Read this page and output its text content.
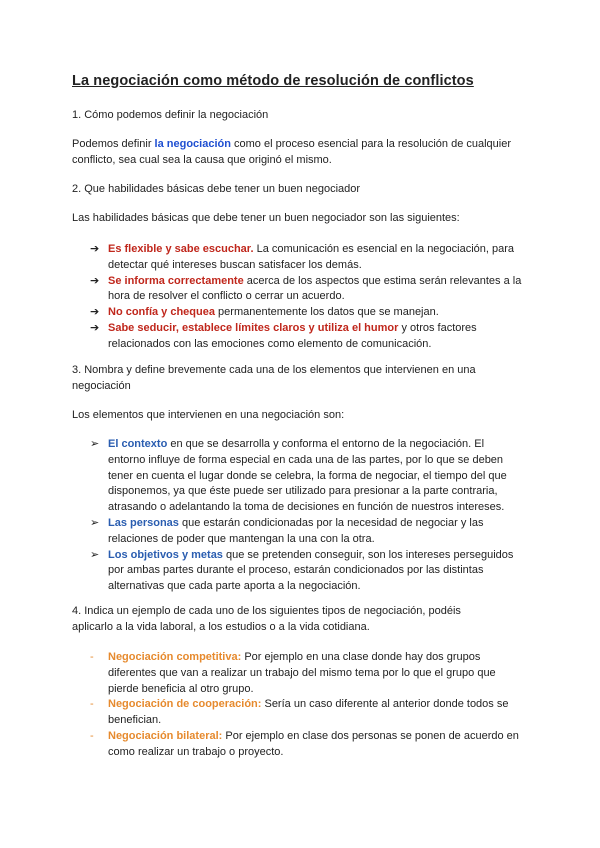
La negociación como método de resolución de conflictos
1. Cómo podemos definir la negociación
Podemos definir la negociación como el proceso esencial para la resolución de cualquier conflicto, sea cual sea la causa que originó el mismo.
2. Que habilidades básicas debe tener un buen negociador
Las habilidades básicas que debe tener un buen negociador son las siguientes:
➔ Es flexible y sabe escuchar. La comunicación es esencial en la negociación, para detectar qué intereses buscan satisfacer los demás.
➔ Se informa correctamente acerca de los aspectos que estima serán relevantes a la hora de resolver el conflicto o cerrar un acuerdo.
➔ No confía y chequea permanentemente los datos que se manejan.
➔ Sabe seducir, establece límites claros y utiliza el humor y otros factores relacionados con las emociones como elemento de comunicación.
3. Nombra y define brevemente cada una de los elementos que intervienen en una negociación
Los elementos que intervienen en una negociación son:
➢ El contexto en que se desarrolla y conforma el entorno de la negociación. El entorno influye de forma especial en cada una de las partes, por lo que se deben tener en cuenta el lugar donde se celebra, la forma de negociar, el tiempo del que disponemos, ya que éste puede ser utilizado para presionar a la parte contraria, atrasando o adelantando la toma de decisiones en función de nuestros intereses.
➢ Las personas que estarán condicionadas por la necesidad de negociar y las relaciones de poder que mantengan la una con la otra.
➢ Los objetivos y metas que se pretenden conseguir, son los intereses perseguidos por ambas partes durante el proceso, estarán condicionados por las distintas alternativas que cada parte aporta a la negociación.
4. Indica un ejemplo de cada uno de los siguientes tipos de negociación, podéis aplicarlo a la vida laboral, a los estudios o a la vida cotidiana.
-	Negociación competitiva: Por ejemplo en una clase donde hay dos grupos diferentes que van a realizar un trabajo del mismo tema por lo que el grupo que pierde beneficia al otro grupo.
-	Negociación de cooperación: Sería un caso diferente al anterior donde todos se benefician.
-	Negociación bilateral: Por ejemplo en clase dos personas se ponen de acuerdo en como realizar un trabajo o proyecto.
